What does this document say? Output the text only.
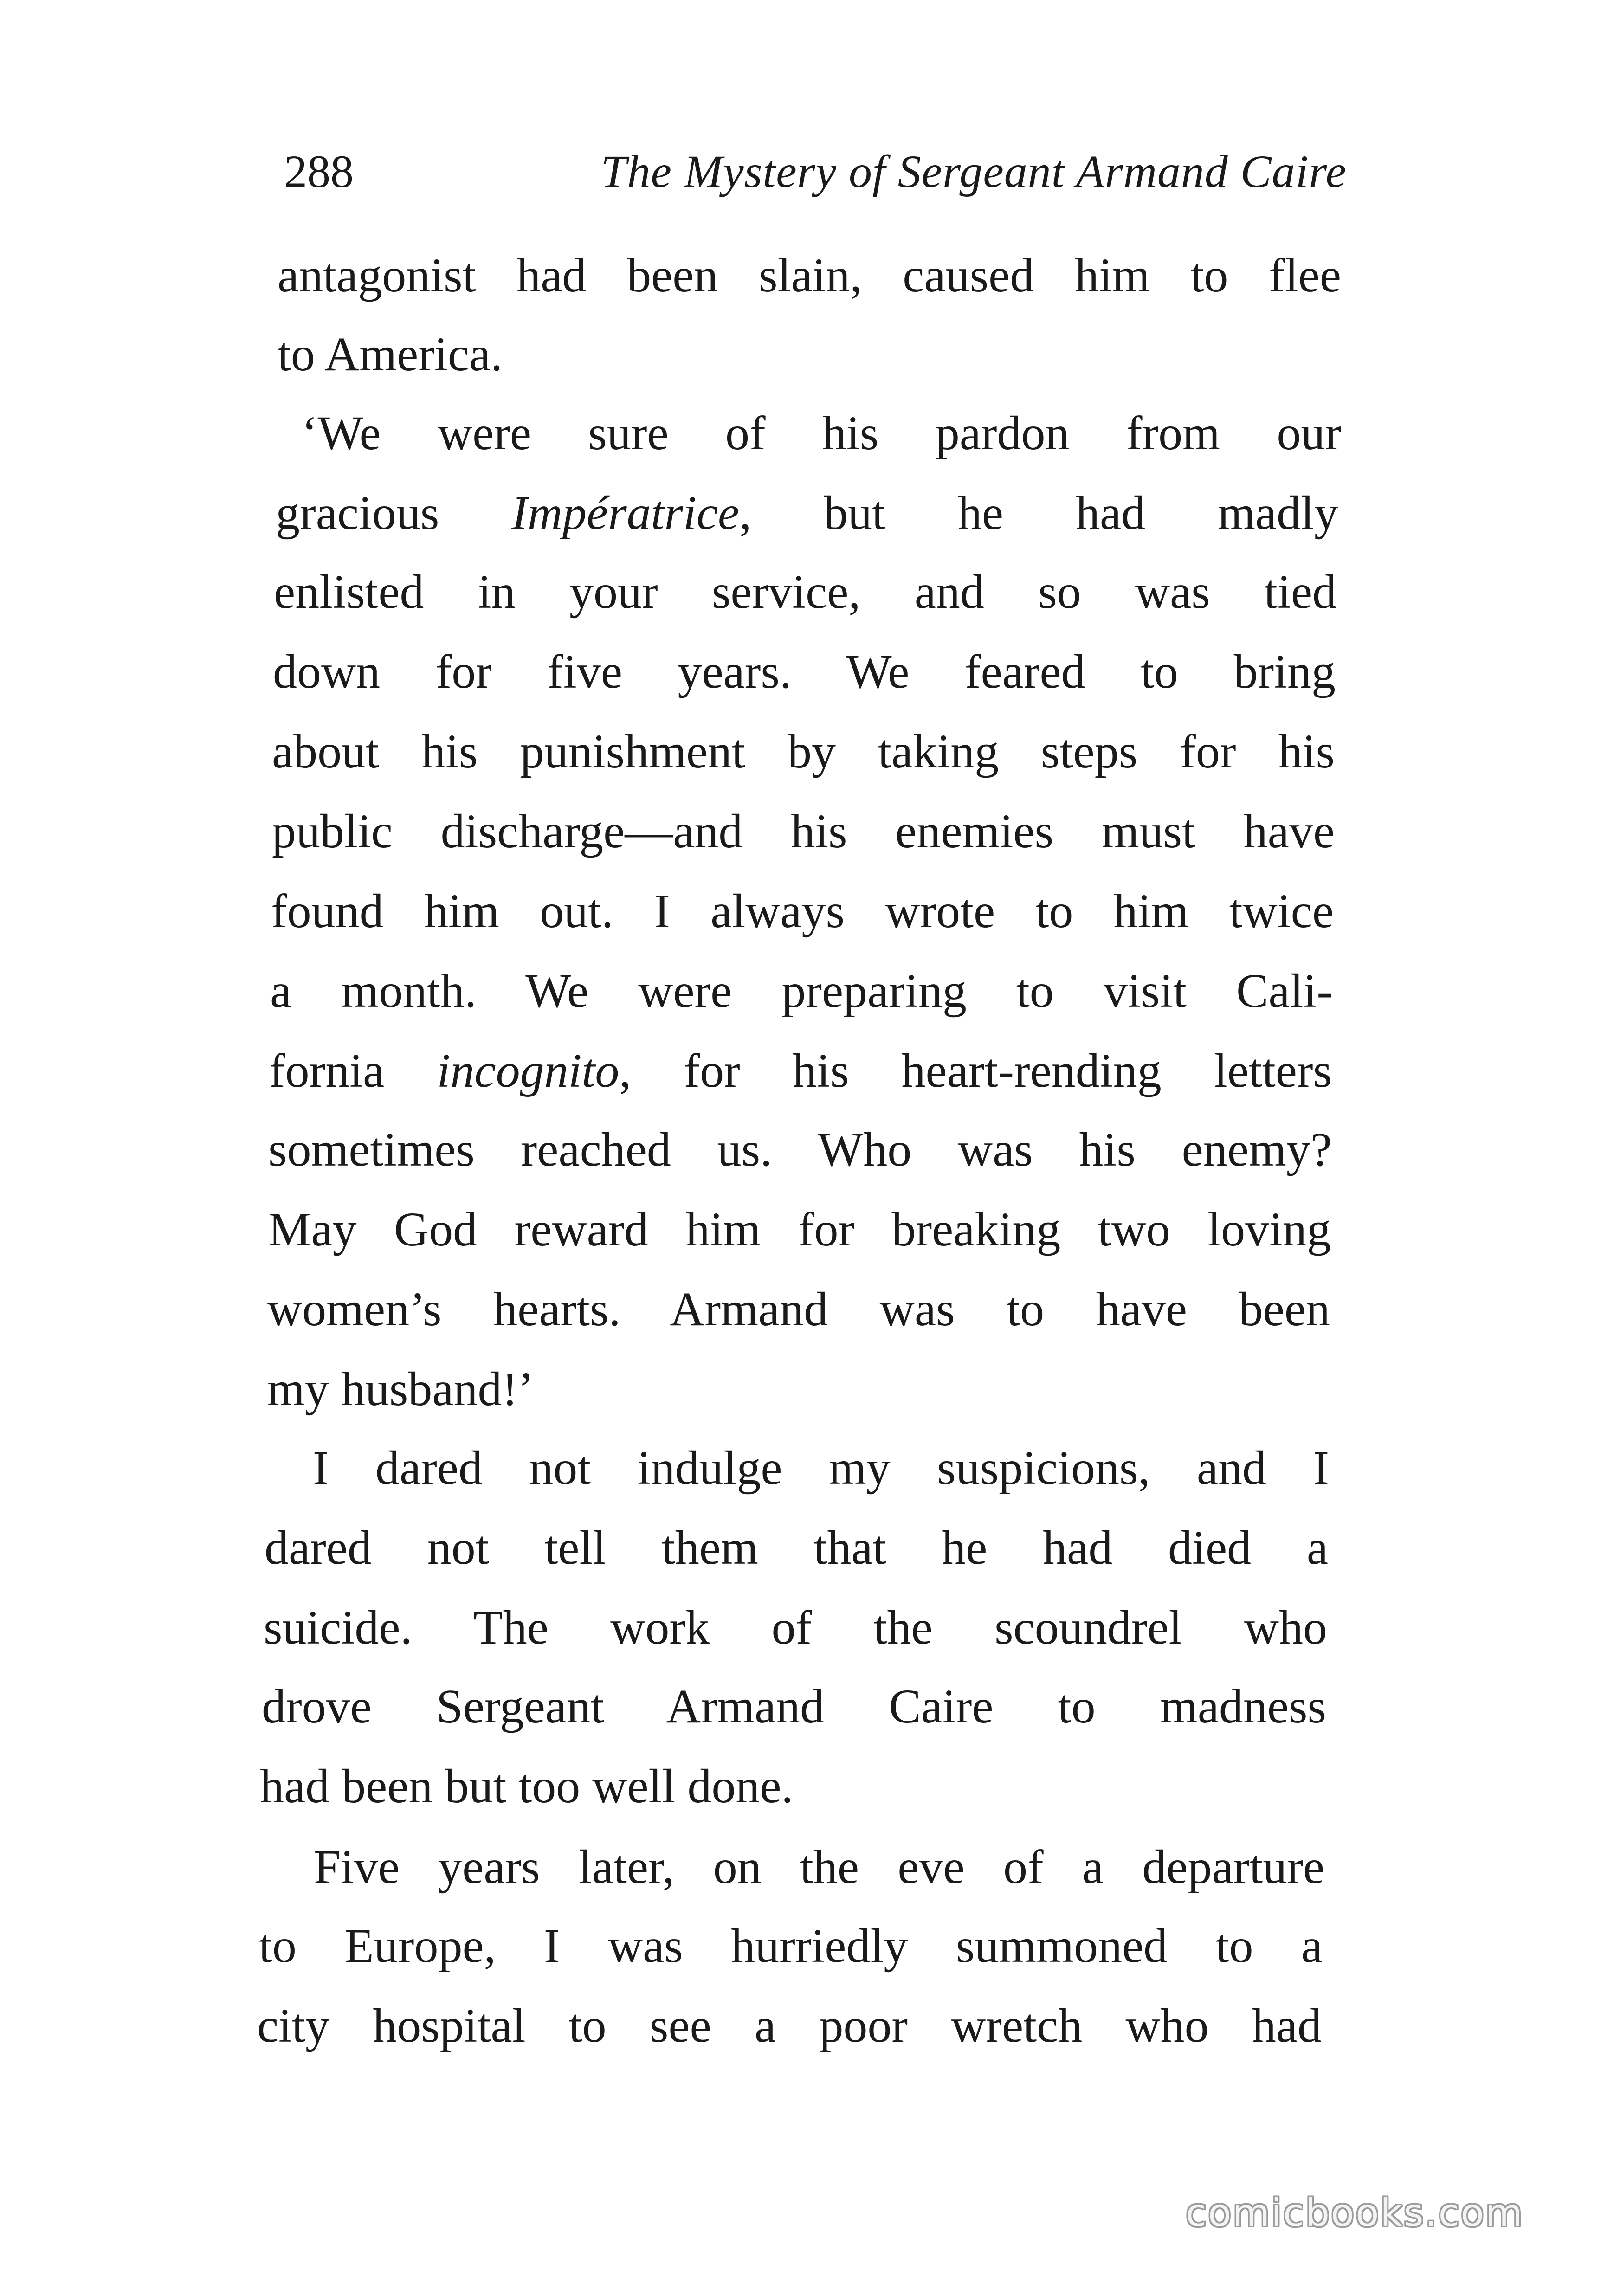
288	The Mystery of Sergeant Armand Caire
antagonist had been slain, caused him to flee
to America.
‘We were sure of his pardon from our
gracious Impératrice, but he had madly
enlisted in your service, and so was tied
down for five years. We feared to bring
about his punishment by taking steps for his
public discharge—and his enemies must have
found him out. I always wrote to him twice
a month. We were preparing to visit Cali-
fornia incognito, for his heart-rending letters
sometimes reached us. Who was his enemy?
May God reward him for breaking two loving
women’s hearts. Armand was to have been
my husband!’
I dared not indulge my suspicions, and I
dared not tell them that he had died a
suicide. The work of the scoundrel who
drove Sergeant Armand Caire to madness
had been but too well done.
Five years later, on the eve of a departure
to Europe, I was hurriedly summoned to a
city hospital to see a poor wretch who had
comicbooks.com
